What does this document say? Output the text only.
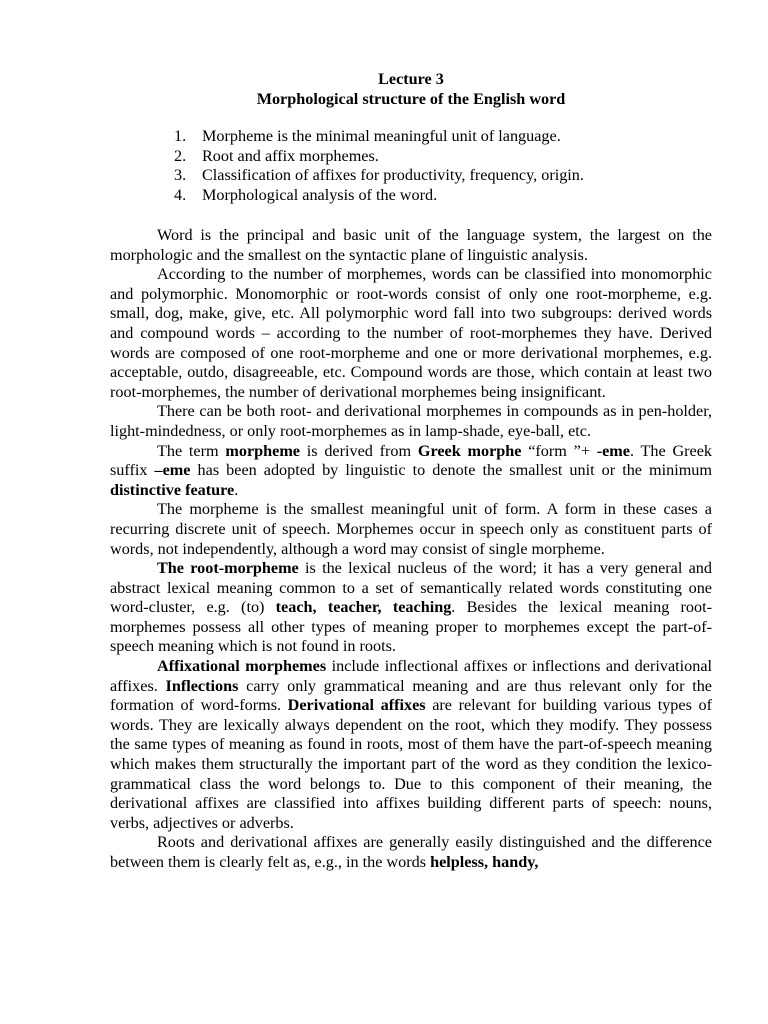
Lecture 3
Morphological structure of the English word
1. Morpheme is the minimal meaningful unit of language.
2. Root and affix morphemes.
3. Classification of affixes for productivity, frequency, origin.
4. Morphological analysis of the word.

Word is the principal and basic unit of the language system, the largest on the morphologic and the smallest on the syntactic plane of linguistic analysis.

According to the number of morphemes, words can be classified into monomorphic and polymorphic. Monomorphic or root-words consist of only one root-morpheme, e.g. small, dog, make, give, etc. All polymorphic word fall into two subgroups: derived words and compound words – according to the number of root-morphemes they have. Derived words are composed of one root-morpheme and one or more derivational morphemes, e.g. acceptable, outdo, disagreeable, etc. Compound words are those, which contain at least two root-morphemes, the number of derivational morphemes being insignificant.

There can be both root- and derivational morphemes in compounds as in pen-holder, light-mindedness, or only root-morphemes as in lamp-shade, eye-ball, etc.

The term morpheme is derived from Greek morphe “form ”+ -eme. The Greek suffix –eme has been adopted by linguistic to denote the smallest unit or the minimum distinctive feature.

The morpheme is the smallest meaningful unit of form. A form in these cases a recurring discrete unit of speech. Morphemes occur in speech only as constituent parts of words, not independently, although a word may consist of single morpheme.

The root-morpheme is the lexical nucleus of the word; it has a very general and abstract lexical meaning common to a set of semantically related words constituting one word-cluster, e.g. (to) teach, teacher, teaching. Besides the lexical meaning root-morphemes possess all other types of meaning proper to morphemes except the part-of-speech meaning which is not found in roots.

Affixational morphemes include inflectional affixes or inflections and derivational affixes. Inflections carry only grammatical meaning and are thus relevant only for the formation of word-forms. Derivational affixes are relevant for building various types of words. They are lexically always dependent on the root, which they modify. They possess the same types of meaning as found in roots, most of them have the part-of-speech meaning which makes them structurally the important part of the word as they condition the lexico-grammatical class the word belongs to. Due to this component of their meaning, the derivational affixes are classified into affixes building different parts of speech: nouns, verbs, adjectives or adverbs.

Roots and derivational affixes are generally easily distinguished and the difference between them is clearly felt as, e.g., in the words helpless, handy,
